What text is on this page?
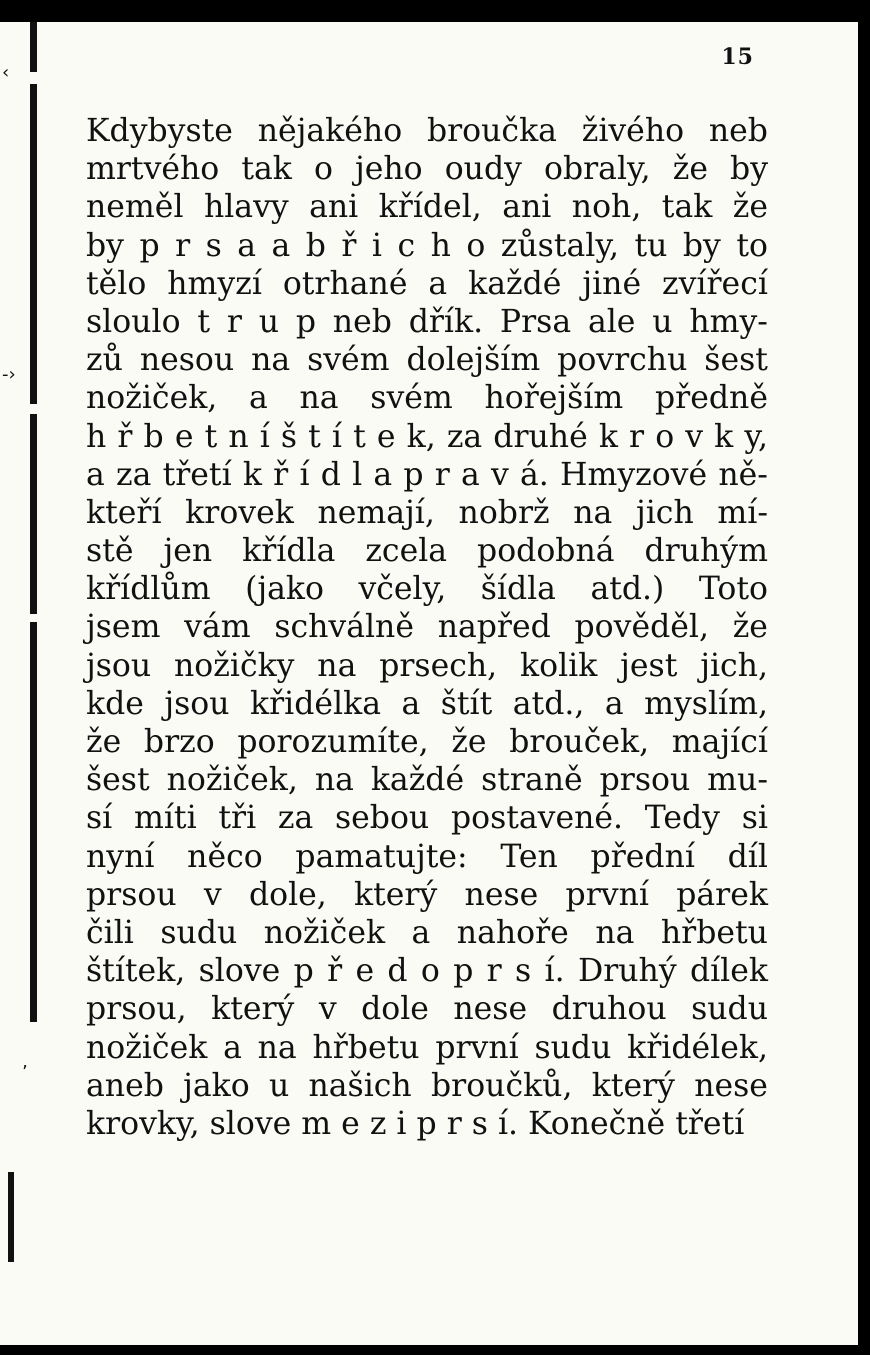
-›
‹
’
15
Kdybyste nějakého broučka živého neb
mrtvého tak o jeho oudy obraly, že by
neměl hlavy ani křídel, ani noh, tak že
by p r s a a b ř i c h o zůstaly, tu by to
tělo hmyzí otrhané a každé jiné zvířecí
sloulo t r u p neb dřík. Prsa ale u hmy-
zů nesou na svém dolejším povrchu šest
nožiček, a na svém hořejším předně
h ř b e t n í š t í t e k, za druhé k r o v k y,
a za třetí k ř í d l a p r a v á. Hmyzové ně-
kteří krovek nemají, nobrž na jich mí-
stě jen křídla zcela podobná druhým
křídlům (jako včely, šídla atd.) Toto
jsem vám schválně napřed pověděl, že
jsou nožičky na prsech, kolik jest jich,
kde jsou křidélka a štít atd., a myslím,
že brzo porozumíte, že brouček, mající
šest nožiček, na každé straně prsou mu-
sí míti tři za sebou postavené. Tedy si
nyní něco pamatujte: Ten přední díl
prsou v dole, který nese první párek
čili sudu nožiček a nahoře na hřbetu
štítek, slove p ř e d o p r s í. Druhý dílek
prsou, který v dole nese druhou sudu
nožiček a na hřbetu první sudu křidélek,
aneb jako u našich broučků, který nese
krovky, slove m e z i p r s í. Konečně třetí
